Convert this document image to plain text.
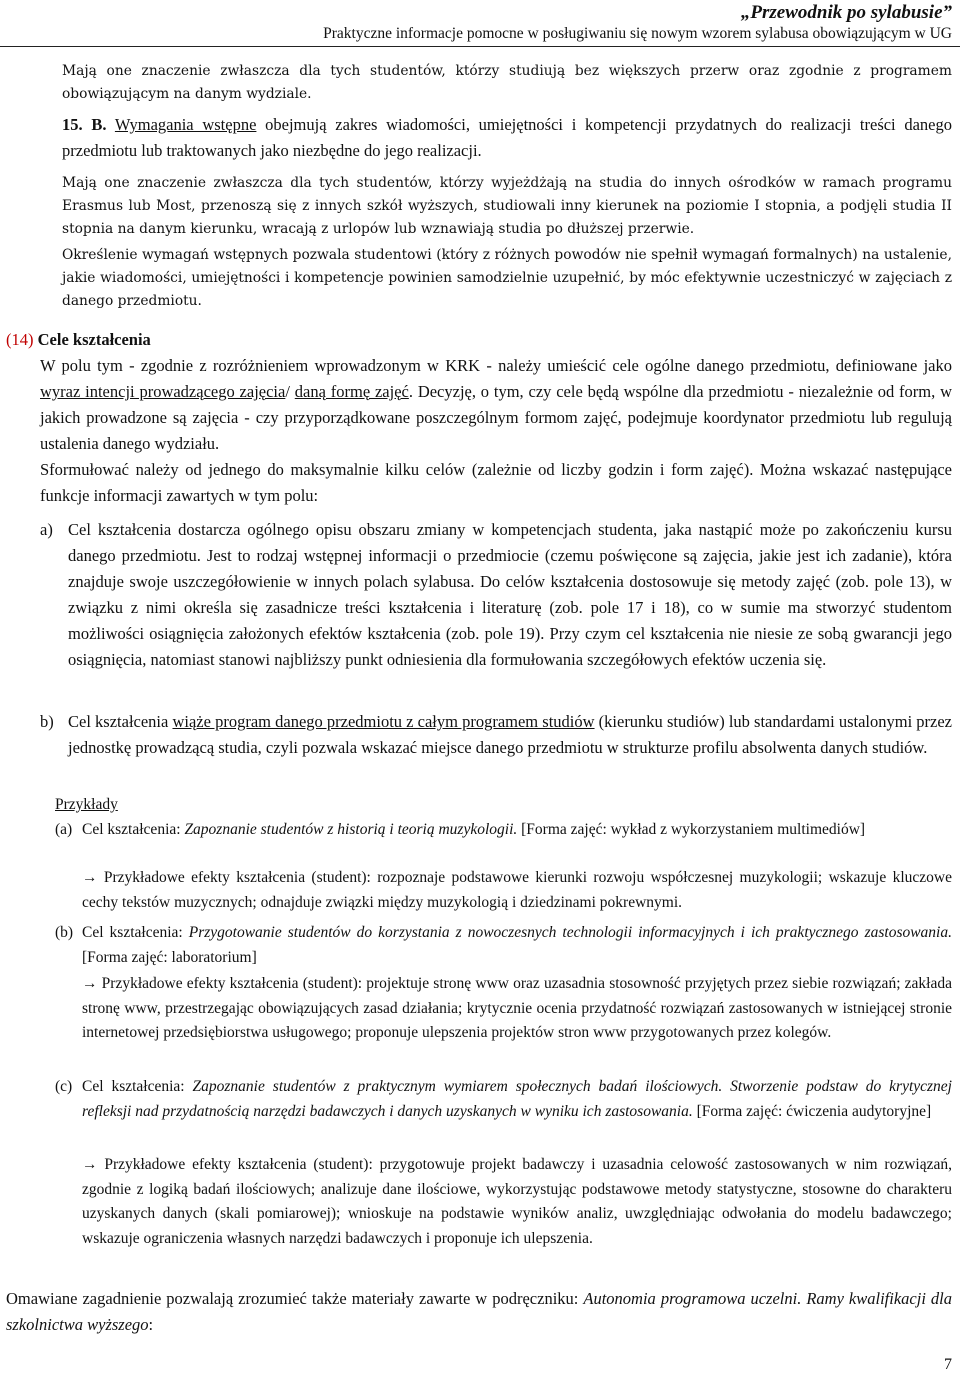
„Przewodnik po sylabusie”
Praktyczne informacje pomocne w posługiwaniu się nowym wzorem sylabusa obowiązującym w UG
Mają one znaczenie zwłaszcza dla tych studentów, którzy studiują bez większych przerw oraz zgodnie z programem obowiązującym na danym wydziale.
15. B. Wymagania wstępne obejmują zakres wiadomości, umiejętności i kompetencji przydatnych do realizacji treści danego przedmiotu lub traktowanych jako niezbędne do jego realizacji.
Mają one znaczenie zwłaszcza dla tych studentów, którzy wyjeżdżają na studia do innych ośrodków w ramach programu Erasmus lub Most, przenoszą się z innych szkół wyższych, studiowali inny kierunek na poziomie I stopnia, a podjęli studia II stopnia na danym kierunku, wracają z urlopów lub wznawiają studia po dłuższej przerwie.
Określenie wymagań wstępnych pozwala studentowi (który z różnych powodów nie spełnił wymagań formalnych) na ustalenie, jakie wiadomości, umiejętności i kompetencje powinien samodzielnie uzupełnić, by móc efektywnie uczestniczyć w zajęciach z danego przedmiotu.
(14) Cele kształcenia
W polu tym - zgodnie z rozróżnieniem wprowadzonym w KRK - należy umieścić cele ogólne danego przedmiotu, definiowane jako wyraz intencji prowadzącego zajęcia/ daną formę zajęć. Decyzję, o tym, czy cele będą wspólne dla przedmiotu - niezależnie od form, w jakich prowadzone są zajęcia - czy przyporządkowane poszczególnym formom zajęć, podejmuje koordynator przedmiotu lub regulują ustalenia danego wydziału.
Sformułować należy od jednego do maksymalnie kilku celów (zależnie od liczby godzin i form zajęć). Można wskazać następujące funkcje informacji zawartych w tym polu:
a) Cel kształcenia dostarcza ogólnego opisu obszaru zmiany w kompetencjach studenta, jaka nastąpić może po zakończeniu kursu danego przedmiotu. Jest to rodzaj wstępnej informacji o przedmiocie (czemu poświęcone są zajęcia, jakie jest ich zadanie), która znajduje swoje uszczegółowienie w innych polach sylabusa. Do celów kształcenia dostosowuje się metody zajęć (zob. pole 13), w związku z nimi określa się zasadnicze treści kształcenia i literaturę (zob. pole 17 i 18), co w sumie ma stworzyć studentom możliwości osiągnięcia założonych efektów kształcenia (zob. pole 19). Przy czym cel kształcenia nie niesie ze sobą gwarancji jego osiągnięcia, natomiast stanowi najbliższy punkt odniesienia dla formułowania szczegółowych efektów uczenia się.
b) Cel kształcenia wiąże program danego przedmiotu z całym programem studiów (kierunku studiów) lub standardami ustalonymi przez jednostkę prowadzącą studia, czyli pozwala wskazać miejsce danego przedmiotu w strukturze profilu absolwenta danych studiów.
Przykłady
(a) Cel kształcenia: Zapoznanie studentów z historią i teorią muzykologii. [Forma zajęć: wykład z wykorzystaniem multimediów]
→ Przykładowe efekty kształcenia (student): rozpoznaje podstawowe kierunki rozwoju współczesnej muzykologii; wskazuje kluczowe cechy tekstów muzycznych; odnajduje związki między muzykologią i dziedzinami pokrewnymi.
(b) Cel kształcenia: Przygotowanie studentów do korzystania z nowoczesnych technologii informacyjnych i ich praktycznego zastosowania. [Forma zajęć: laboratorium]
→ Przykładowe efekty kształcenia (student): projektuje stronę www oraz uzasadnia stosowność przyjętych przez siebie rozwiązań; zakłada stronę www, przestrzegając obowiązujących zasad działania; krytycznie ocenia przydatność rozwiązań zastosowanych w istniejącej stronie internetowej przedsiębiorstwa usługowego; proponuje ulepszenia projektów stron www przygotowanych przez kolegów.
(c) Cel kształcenia: Zapoznanie studentów z praktycznym wymiarem społecznych badań ilościowych. Stworzenie podstaw do krytycznej refleksji nad przydatnością narzędzi badawczych i danych uzyskanych w wyniku ich zastosowania. [Forma zajęć: ćwiczenia audytoryjne]
→ Przykładowe efekty kształcenia (student): przygotowuje projekt badawczy i uzasadnia celowość zastosowanych w nim rozwiązań, zgodnie z logiką badań ilościowych; analizuje dane ilościowe, wykorzystując podstawowe metody statystyczne, stosowne do charakteru uzyskanych danych (skali pomiarowej); wnioskuje na podstawie wyników analiz, uwzględniając odwołania do modelu badawczego; wskazuje ograniczenia własnych narzędzi badawczych i proponuje ich ulepszenia.
Omawiane zagadnienie pozwalają zrozumieć także materiały zawarte w podręczniku: Autonomia programowa uczelni. Ramy kwalifikacji dla szkolnictwa wyższego:
7
